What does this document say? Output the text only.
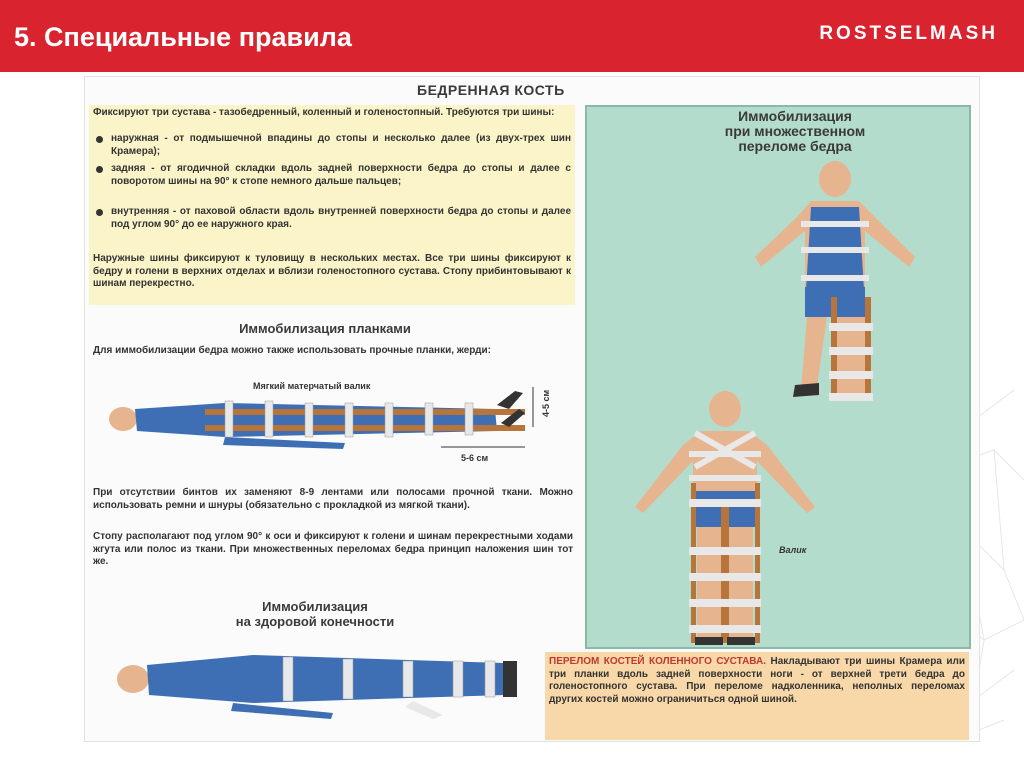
5. Специальные правила	ROSTSELMASH
БЕДРЕННАЯ КОСТЬ
Фиксируют три сустава - тазобедренный, коленный и голеностопный. Требуются три шины:
наружная - от подмышечной впадины до стопы и несколько далее (из двух-трех шин Крамера);
задняя - от ягодичной складки вдоль задней поверхности бедра до стопы и далее с поворотом шины на 90° к стопе немного дальше пальцев;
внутренняя - от паховой области вдоль внутренней поверхности бедра до стопы и далее под углом 90° до ее наружного края.
Наружные шины фиксируют к туловищу в нескольких местах. Все три шины фиксируют к бедру и голени в верхних отделах и вблизи голеностопного сустава. Стопу прибинтовывают к шинам перекрестно.
Иммобилизация планками
Для иммобилизации бедра можно также использовать прочные планки, жерди:
Мягкий матерчатый валик
4-5 см
5-6 см
При отсутствии бинтов их заменяют 8-9 лентами или полосами прочной ткани. Можно использовать ремни и шнуры (обязательно с прокладкой из мягкой ткани).
Стопу располагают под углом 90° к оси и фиксируют к голени и шинам перекрестными ходами жгута или полос из ткани. При множественных переломах бедра принцип наложения шин тот же.
Иммобилизация
на здоровой конечности
Иммобилизация
при множественном
переломе бедра
Валик
ПЕРЕЛОМ КОСТЕЙ КОЛЕННОГО СУСТАВА. Накладывают три шины Крамера или три планки вдоль задней поверхности ноги - от верхней трети бедра до голеностопного сустава. При переломе надколенника, неполных переломах других костей можно ограничиться одной шиной.
